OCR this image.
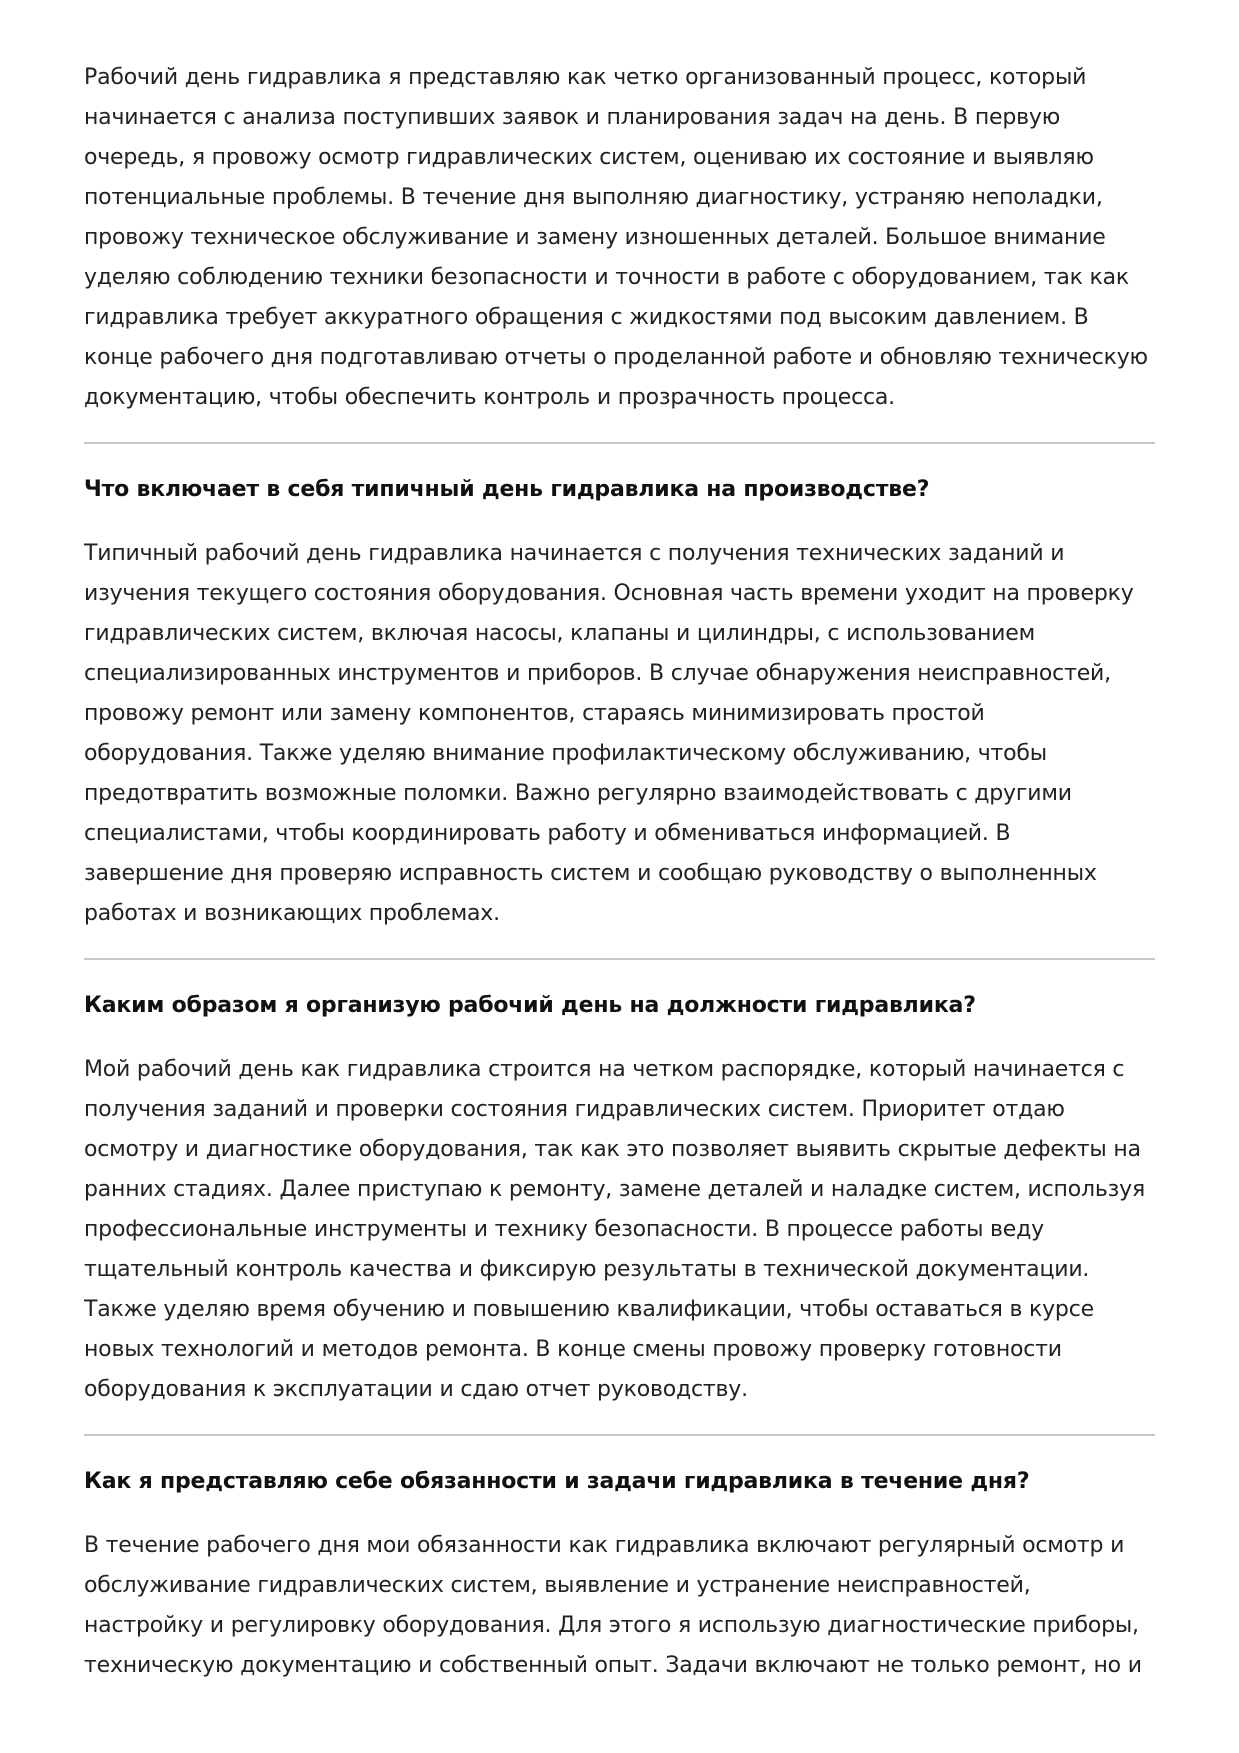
Рабочий день гидравлика я представляю как четко организованный процесс, который начинается с анализа поступивших заявок и планирования задач на день. В первую очередь, я провожу осмотр гидравлических систем, оцениваю их состояние и выявляю потенциальные проблемы. В течение дня выполняю диагностику, устраняю неполадки, провожу техническое обслуживание и замену изношенных деталей. Большое внимание уделяю соблюдению техники безопасности и точности в работе с оборудованием, так как гидравлика требует аккуратного обращения с жидкостями под высоким давлением. В конце рабочего дня подготавливаю отчеты о проделанной работе и обновляю техническую документацию, чтобы обеспечить контроль и прозрачность процесса.

Что включает в себя типичный день гидравлика на производстве?

Типичный рабочий день гидравлика начинается с получения технических заданий и изучения текущего состояния оборудования. Основная часть времени уходит на проверку гидравлических систем, включая насосы, клапаны и цилиндры, с использованием специализированных инструментов и приборов. В случае обнаружения неисправностей, провожу ремонт или замену компонентов, стараясь минимизировать простой оборудования. Также уделяю внимание профилактическому обслуживанию, чтобы предотвратить возможные поломки. Важно регулярно взаимодействовать с другими специалистами, чтобы координировать работу и обмениваться информацией. В завершение дня проверяю исправность систем и сообщаю руководству о выполненных работах и возникающих проблемах.

Каким образом я организую рабочий день на должности гидравлика?

Мой рабочий день как гидравлика строится на четком распорядке, который начинается с получения заданий и проверки состояния гидравлических систем. Приоритет отдаю осмотру и диагностике оборудования, так как это позволяет выявить скрытые дефекты на ранних стадиях. Далее приступаю к ремонту, замене деталей и наладке систем, используя профессиональные инструменты и технику безопасности. В процессе работы веду тщательный контроль качества и фиксирую результаты в технической документации. Также уделяю время обучению и повышению квалификации, чтобы оставаться в курсе новых технологий и методов ремонта. В конце смены провожу проверку готовности оборудования к эксплуатации и сдаю отчет руководству.

Как я представляю себе обязанности и задачи гидравлика в течение дня?

В течение рабочего дня мои обязанности как гидравлика включают регулярный осмотр и обслуживание гидравлических систем, выявление и устранение неисправностей, настройку и регулировку оборудования. Для этого я использую диагностические приборы, техническую документацию и собственный опыт. Задачи включают не только ремонт, но и
